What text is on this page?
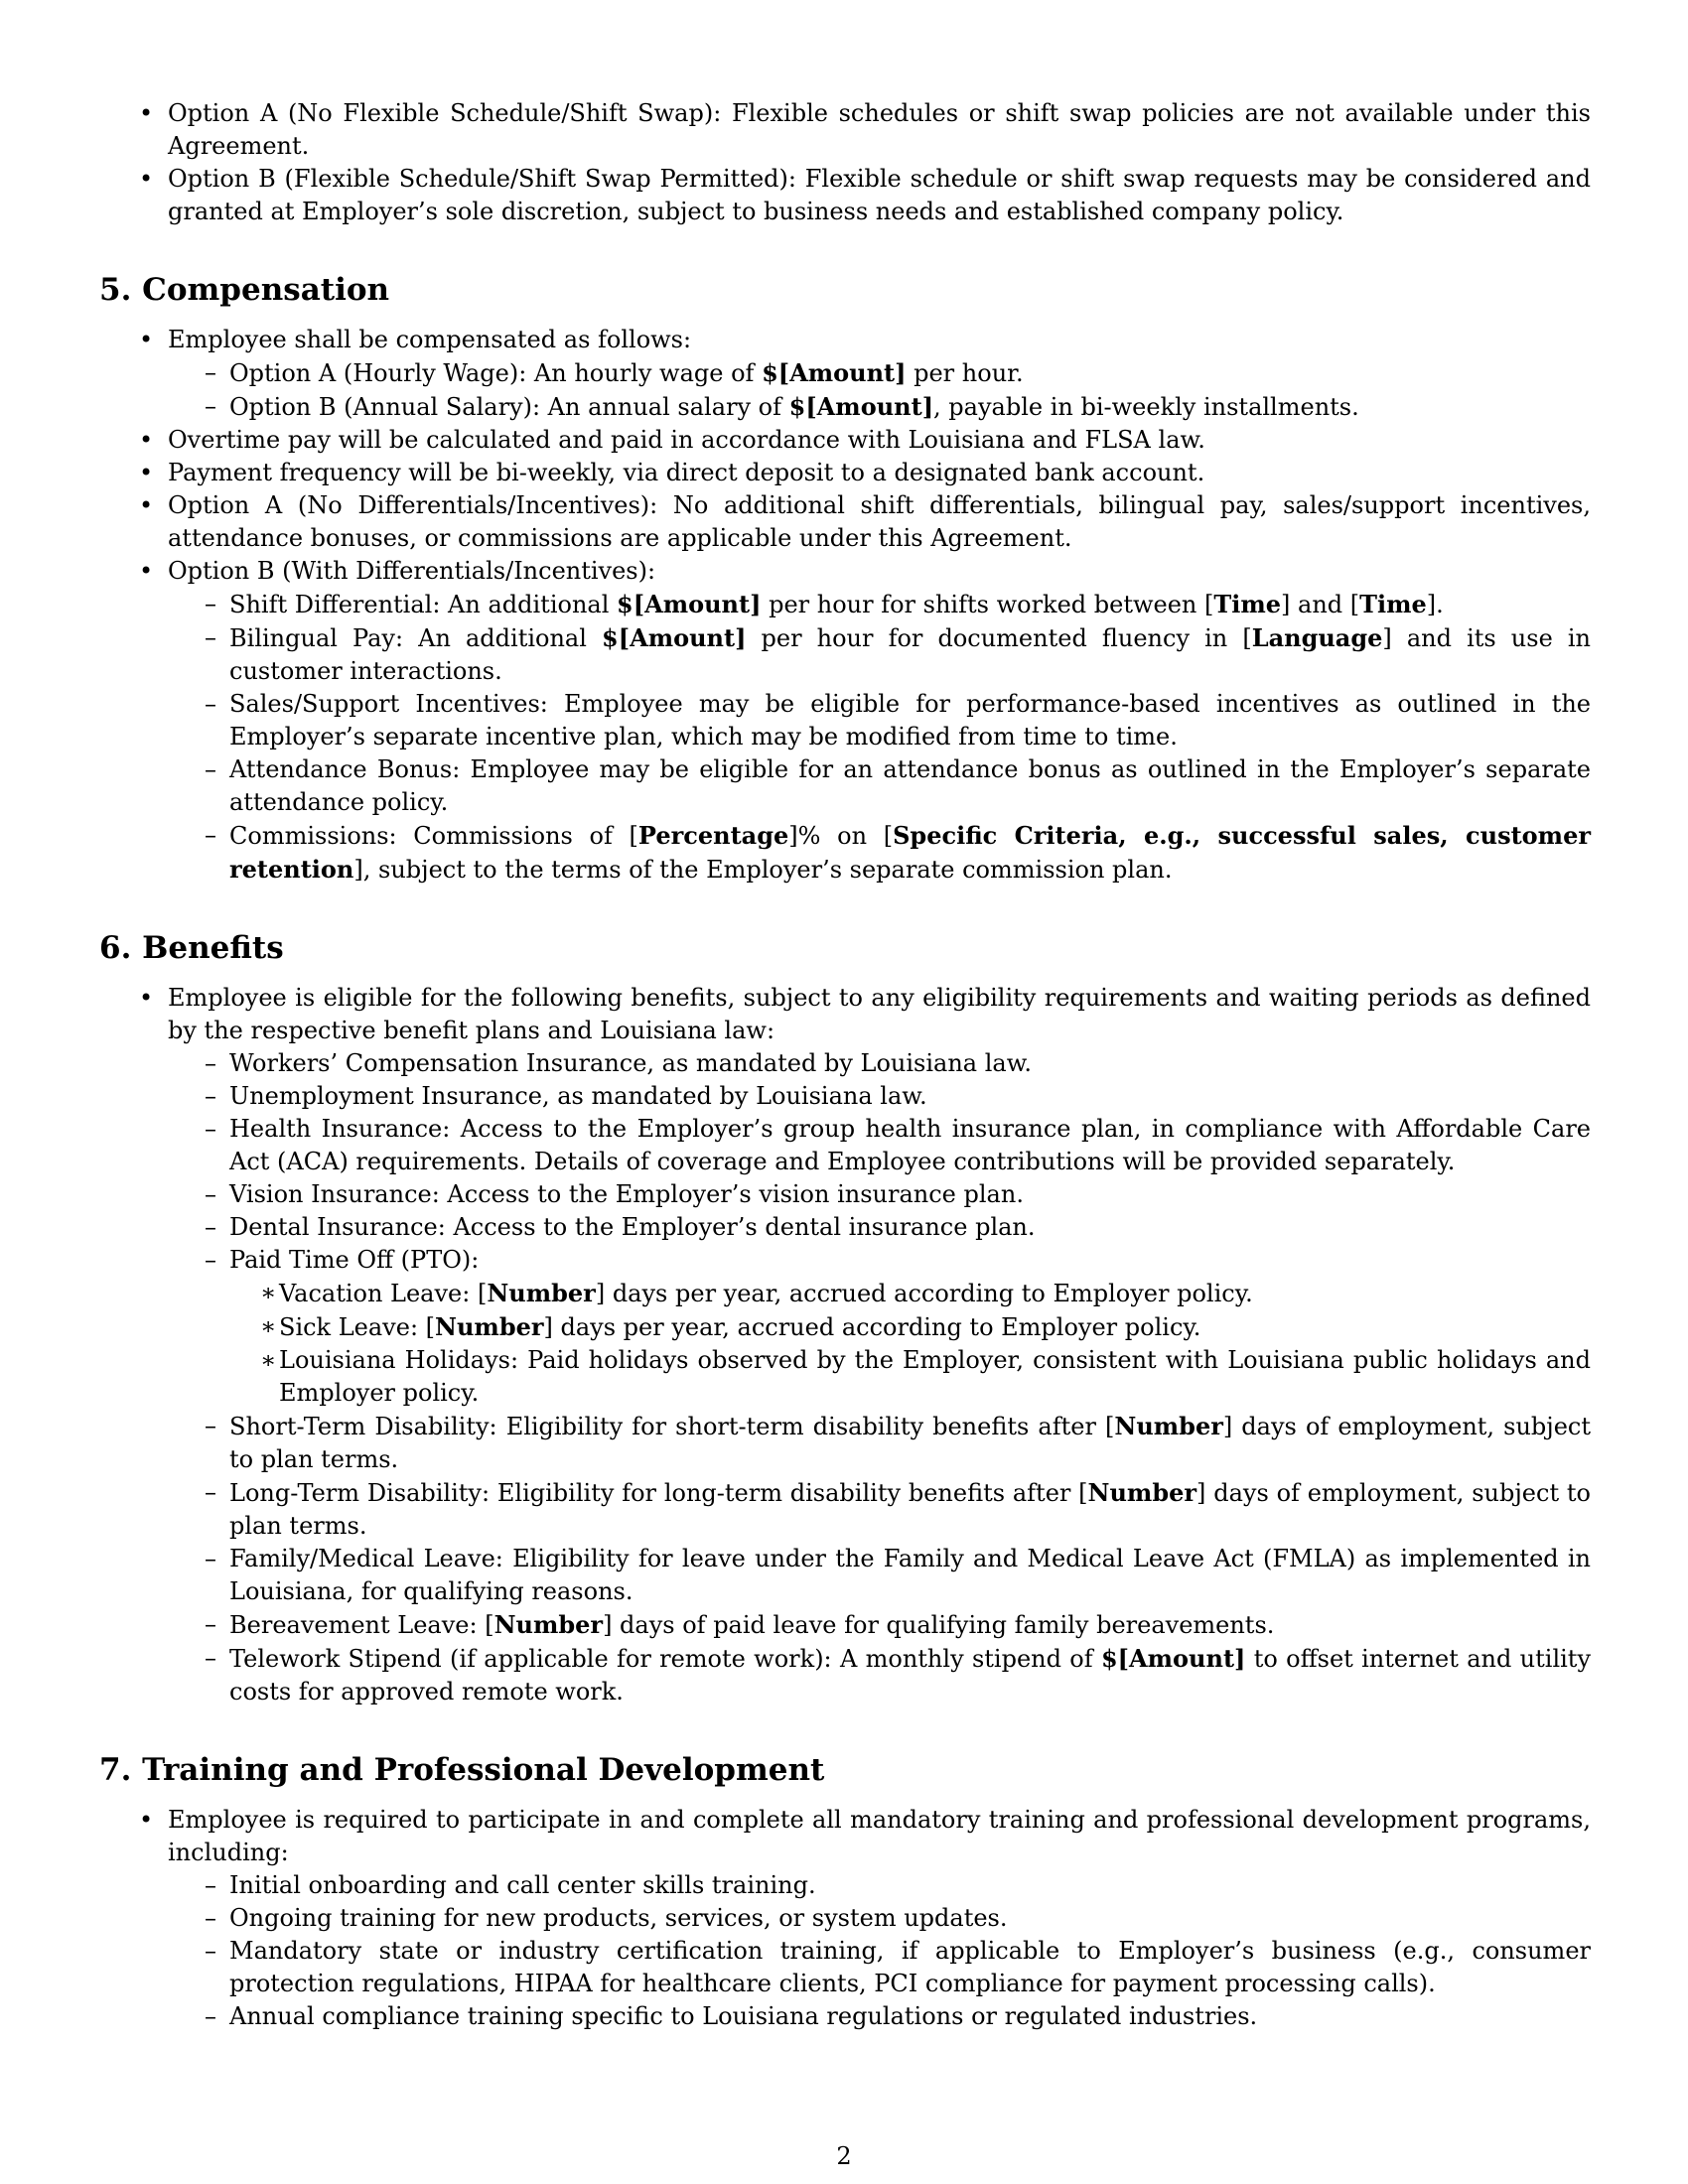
• Option A (No Flexible Schedule/Shift Swap): Flexible schedules or shift swap policies are not available under this Agreement.
• Option B (Flexible Schedule/Shift Swap Permitted): Flexible schedule or shift swap requests may be considered and granted at Employer’s sole discretion, subject to business needs and established company policy.
5. Compensation
• Employee shall be compensated as follows:
– Option A (Hourly Wage): An hourly wage of $[Amount] per hour.
– Option B (Annual Salary): An annual salary of $[Amount], payable in bi-weekly installments.
• Overtime pay will be calculated and paid in accordance with Louisiana and FLSA law.
• Payment frequency will be bi-weekly, via direct deposit to a designated bank account.
• Option A (No Differentials/Incentives): No additional shift differentials, bilingual pay, sales/support incentives, attendance bonuses, or commissions are applicable under this Agreement.
• Option B (With Differentials/Incentives):
– Shift Differential: An additional $[Amount] per hour for shifts worked between [Time] and [Time].
– Bilingual Pay: An additional $[Amount] per hour for documented fluency in [Language] and its use in customer interactions.
– Sales/Support Incentives: Employee may be eligible for performance-based incentives as outlined in the Employer’s separate incentive plan, which may be modified from time to time.
– Attendance Bonus: Employee may be eligible for an attendance bonus as outlined in the Employer’s separate attendance policy.
– Commissions: Commissions of [Percentage]% on [Specific Criteria, e.g., successful sales, customer retention], subject to the terms of the Employer’s separate commission plan.
6. Benefits
• Employee is eligible for the following benefits, subject to any eligibility requirements and waiting periods as defined by the respective benefit plans and Louisiana law:
– Workers’ Compensation Insurance, as mandated by Louisiana law.
– Unemployment Insurance, as mandated by Louisiana law.
– Health Insurance: Access to the Employer’s group health insurance plan, in compliance with Affordable Care Act (ACA) requirements. Details of coverage and Employee contributions will be provided separately.
– Vision Insurance: Access to the Employer’s vision insurance plan.
– Dental Insurance: Access to the Employer’s dental insurance plan.
– Paid Time Off (PTO):
∗ Vacation Leave: [Number] days per year, accrued according to Employer policy.
∗ Sick Leave: [Number] days per year, accrued according to Employer policy.
∗ Louisiana Holidays: Paid holidays observed by the Employer, consistent with Louisiana public holidays and Employer policy.
– Short-Term Disability: Eligibility for short-term disability benefits after [Number] days of employment, subject to plan terms.
– Long-Term Disability: Eligibility for long-term disability benefits after [Number] days of employment, subject to plan terms.
– Family/Medical Leave: Eligibility for leave under the Family and Medical Leave Act (FMLA) as implemented in Louisiana, for qualifying reasons.
– Bereavement Leave: [Number] days of paid leave for qualifying family bereavements.
– Telework Stipend (if applicable for remote work): A monthly stipend of $[Amount] to offset internet and utility costs for approved remote work.
7. Training and Professional Development
• Employee is required to participate in and complete all mandatory training and professional development programs, including:
– Initial onboarding and call center skills training.
– Ongoing training for new products, services, or system updates.
– Mandatory state or industry certification training, if applicable to Employer’s business (e.g., consumer protection regulations, HIPAA for healthcare clients, PCI compliance for payment processing calls).
– Annual compliance training specific to Louisiana regulations or regulated industries.
2
